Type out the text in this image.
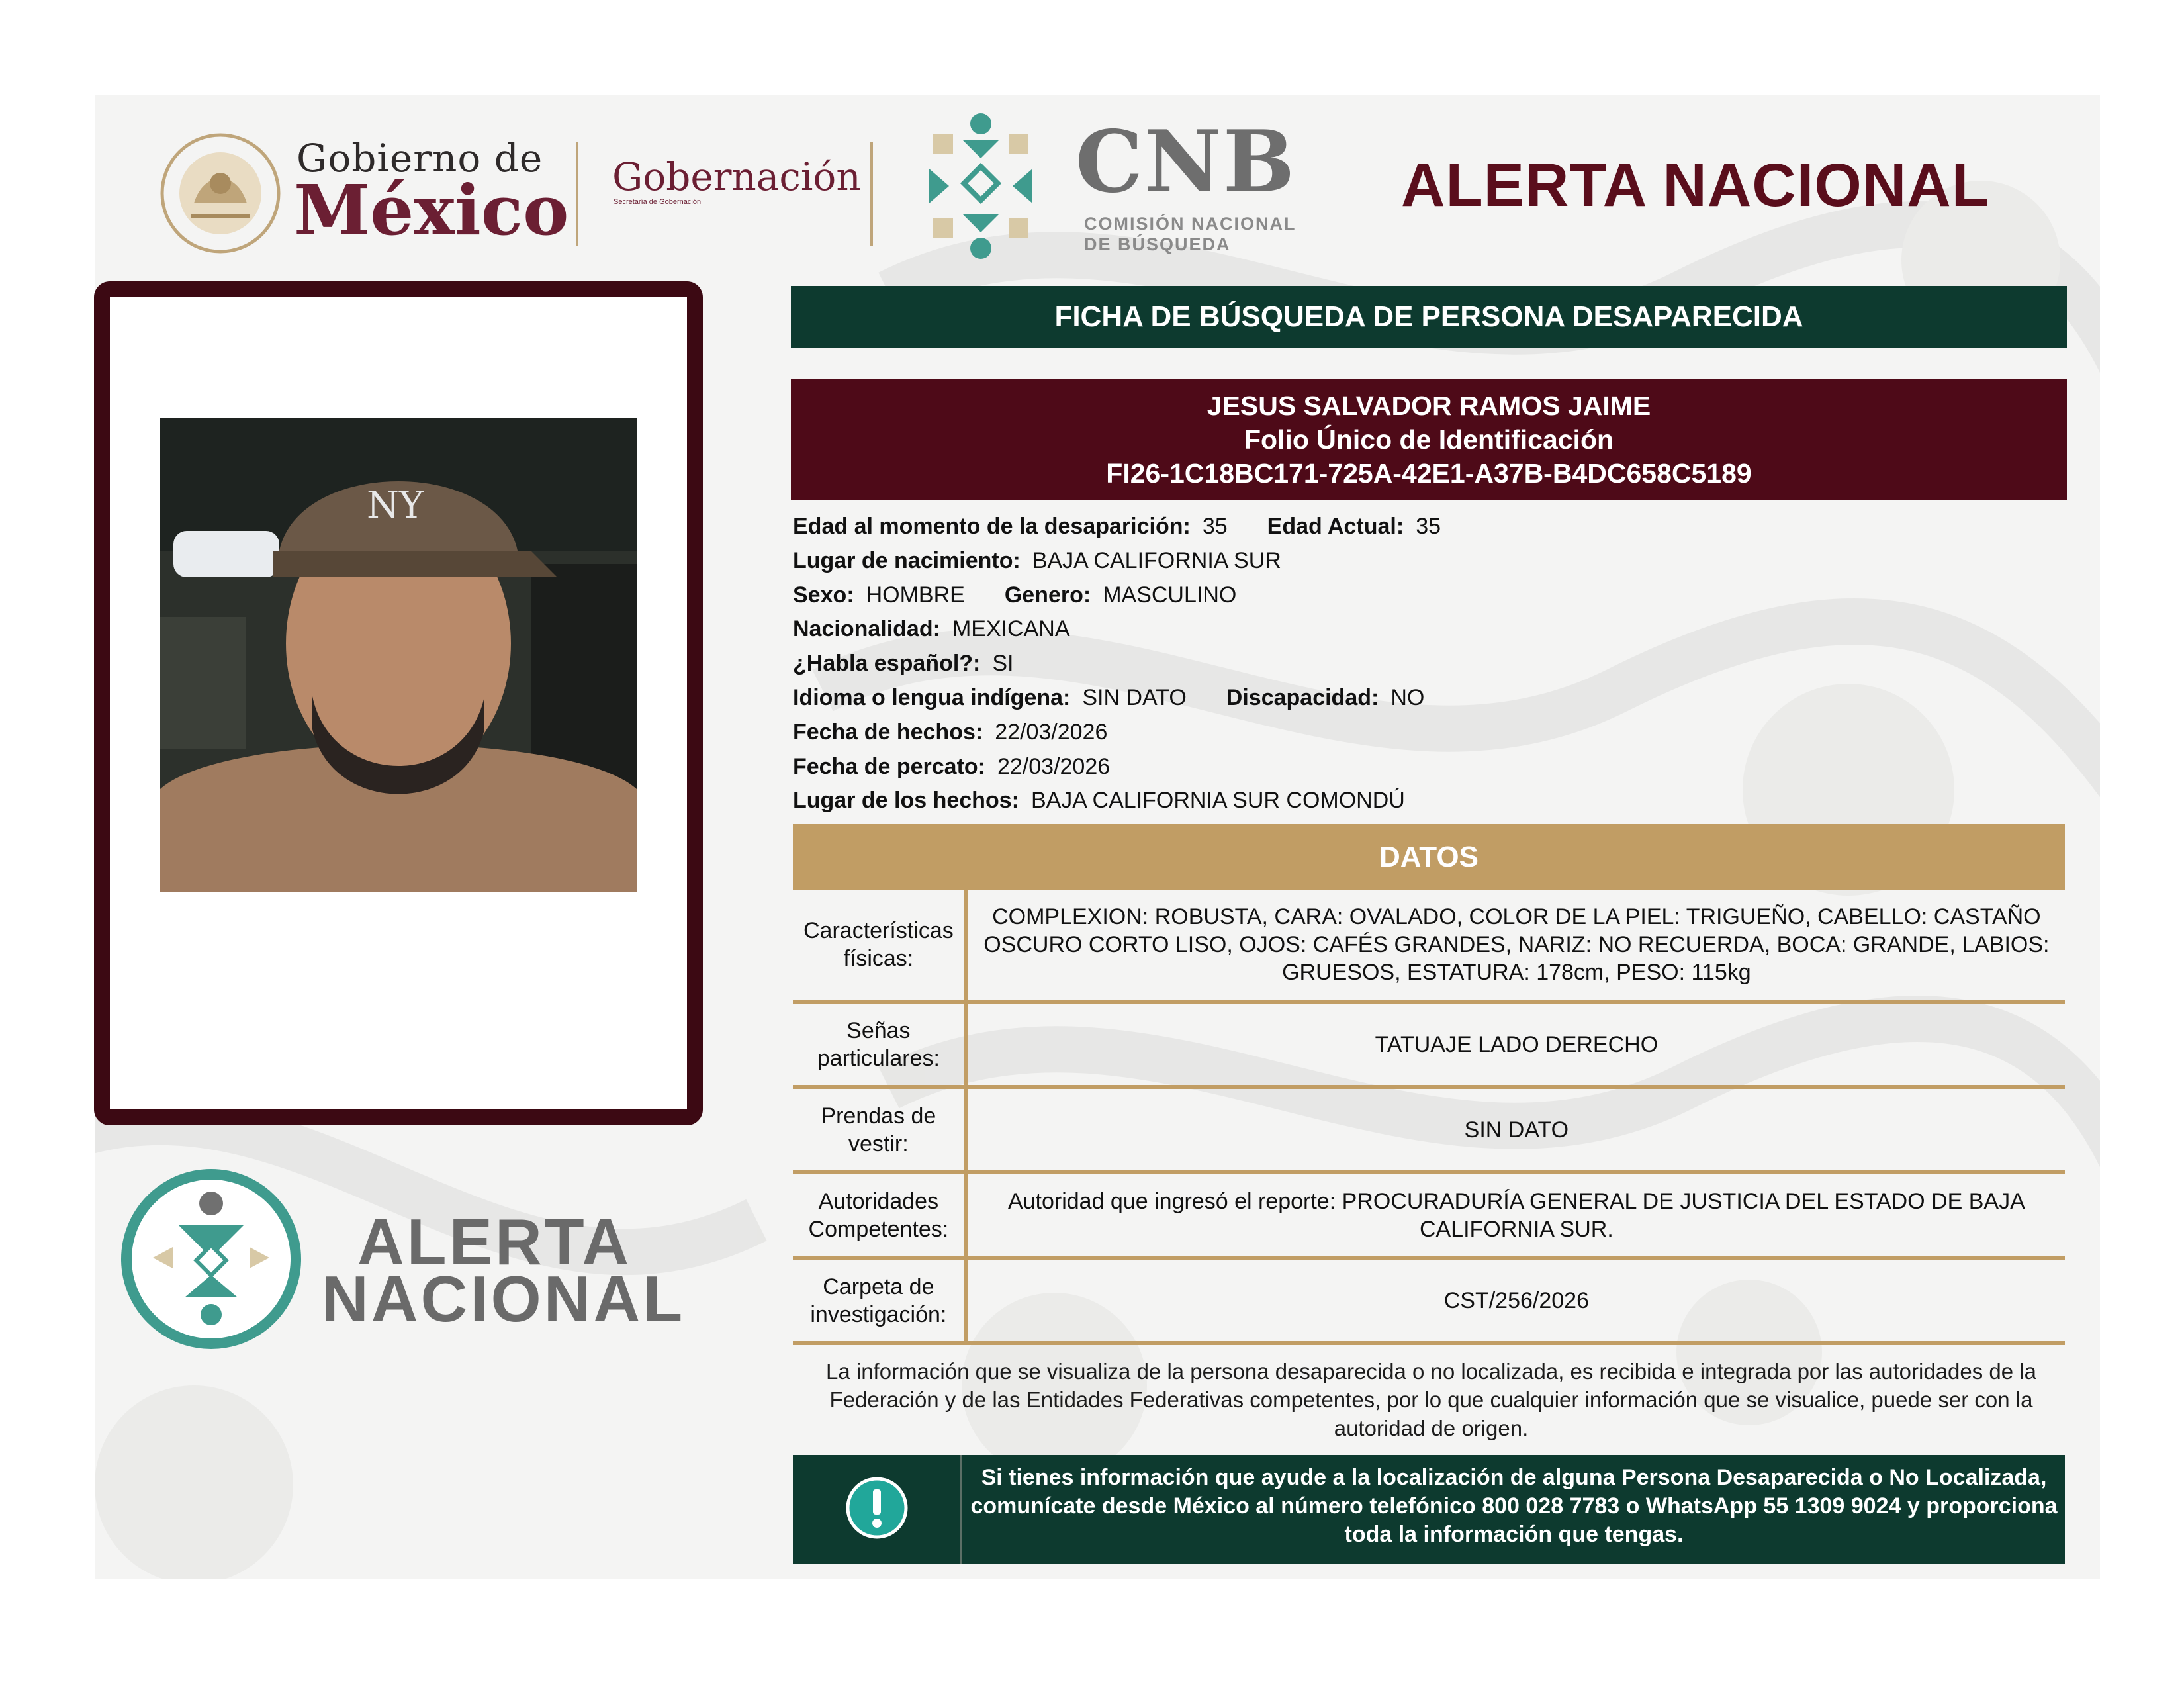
Gobierno de
México Gobernación
Secretaría de Gobernación	CNB
COMISIÓN NACIONAL
DE BÚSQUEDA
ALERTA NACIONAL
NY
ALERTA
NACIONAL
FICHA DE BÚSQUEDA DE PERSONA DESAPARECIDA
JESUS SALVADOR RAMOS JAIME
Folio Único de Identificación
FI26-1C18BC171-725A-42E1-A37B-B4DC658C5189
Edad al momento de la desaparición: 35 Edad Actual: 35
Lugar de nacimiento: BAJA CALIFORNIA SUR
Sexo: HOMBRE Genero: MASCULINO
Nacionalidad: MEXICANA
¿Habla español?: SI
Idioma o lengua indígena: SIN DATO Discapacidad: NO
Fecha de hechos: 22/03/2026
Fecha de percato: 22/03/2026
Lugar de los hechos: BAJA CALIFORNIA SUR COMONDÚ
DATOS
Características físicas:	COMPLEXION: ROBUSTA, CARA: OVALADO, COLOR DE LA PIEL: TRIGUEÑO, CABELLO: CASTAÑO OSCURO CORTO LISO, OJOS: CAFÉS GRANDES, NARIZ: NO RECUERDA, BOCA: GRANDE, LABIOS: GRUESOS, ESTATURA: 178cm, PESO: 115kg
Señas particulares:	TATUAJE LADO DERECHO
Prendas de vestir:	SIN DATO
Autoridades Competentes:	Autoridad que ingresó el reporte: PROCURADURÍA GENERAL DE JUSTICIA DEL ESTADO DE BAJA CALIFORNIA SUR.
Carpeta de investigación:	CST/256/2026
La información que se visualiza de la persona desaparecida o no localizada, es recibida e integrada por las autoridades de la Federación y de las Entidades Federativas competentes, por lo que cualquier información que se visualice, puede ser con la autoridad de origen.
Si tienes información que ayude a la localización de alguna Persona Desaparecida o No Localizada, comunícate desde México al número telefónico 800 028 7783 o WhatsApp 55 1309 9024 y proporciona toda la información que tengas.
